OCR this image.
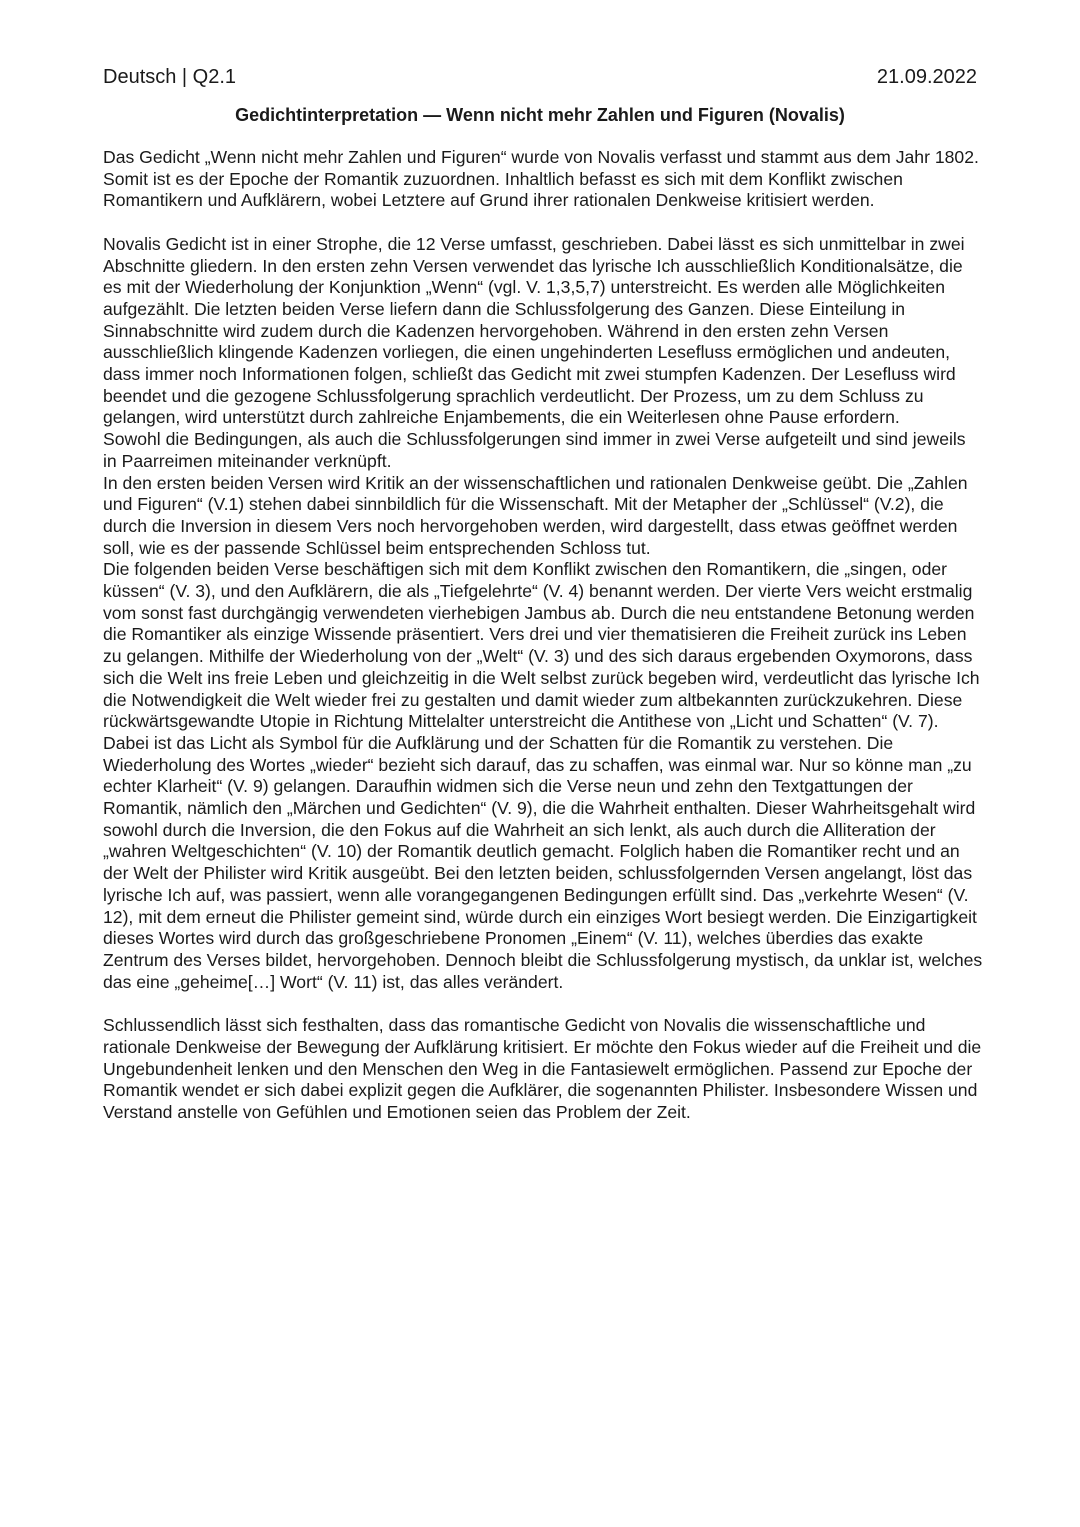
Deutsch | Q2.1	21.09.2022
Gedichtinterpretation — Wenn nicht mehr Zahlen und Figuren (Novalis)

Das Gedicht „Wenn nicht mehr Zahlen und Figuren“ wurde von Novalis verfasst und stammt aus dem Jahr 1802. Somit ist es der Epoche der Romantik zuzuordnen. Inhaltlich befasst es sich mit dem Konflikt zwischen Romantikern und Aufklärern, wobei Letztere auf Grund ihrer rationalen Denkweise kritisiert werden.

Novalis Gedicht ist in einer Strophe, die 12 Verse umfasst, geschrieben. Dabei lässt es sich unmittelbar in zwei Abschnitte gliedern. In den ersten zehn Versen verwendet das lyrische Ich ausschließlich Konditionalsätze, die es mit der Wiederholung der Konjunktion „Wenn“ (vgl. V. 1,3,5,7) unterstreicht. Es werden alle Möglichkeiten aufgezählt. Die letzten beiden Verse liefern dann die Schlussfolgerung des Ganzen. Diese Einteilung in Sinnabschnitte wird zudem durch die Kadenzen hervorgehoben. Während in den ersten zehn Versen ausschließlich klingende Kadenzen vorliegen, die einen ungehinderten Lesefluss ermöglichen und andeuten, dass immer noch Informationen folgen, schließt das Gedicht mit zwei stumpfen Kadenzen. Der Lesefluss wird beendet und die gezogene Schlussfolgerung sprachlich verdeutlicht. Der Prozess, um zu dem Schluss zu gelangen, wird unterstützt durch zahlreiche Enjambements, die ein Weiterlesen ohne Pause erfordern.

Sowohl die Bedingungen, als auch die Schlussfolgerungen sind immer in zwei Verse aufgeteilt und sind jeweils in Paarreimen miteinander verknüpft.

In den ersten beiden Versen wird Kritik an der wissenschaftlichen und rationalen Denkweise geübt. Die „Zahlen und Figuren“ (V.1) stehen dabei sinnbildlich für die Wissenschaft. Mit der Metapher der „Schlüssel“ (V.2), die durch die Inversion in diesem Vers noch hervorgehoben werden, wird dargestellt, dass etwas geöffnet werden soll, wie es der passende Schlüssel beim entsprechenden Schloss tut.

Die folgenden beiden Verse beschäftigen sich mit dem Konflikt zwischen den Romantikern, die „singen, oder küssen“ (V. 3), und den Aufklärern, die als „Tiefgelehrte“ (V. 4) benannt werden. Der vierte Vers weicht erstmalig vom sonst fast durchgängig verwendeten vierhebigen Jambus ab. Durch die neu entstandene Betonung werden die Romantiker als einzige Wissende präsentiert. Vers drei und vier thematisieren die Freiheit zurück ins Leben zu gelangen. Mithilfe der Wiederholung von der „Welt“ (V. 3) und des sich daraus ergebenden Oxymorons, dass sich die Welt ins freie Leben und gleichzeitig in die Welt selbst zurück begeben wird, verdeutlicht das lyrische Ich die Notwendigkeit die Welt wieder frei zu gestalten und damit wieder zum altbekannten zurückzukehren. Diese rückwärtsgewandte Utopie in Richtung Mittelalter unterstreicht die Antithese von „Licht und Schatten“ (V. 7). Dabei ist das Licht als Symbol für die Aufklärung und der Schatten für die Romantik zu verstehen. Die Wiederholung des Wortes „wieder“ bezieht sich darauf, das zu schaffen, was einmal war. Nur so könne man „zu echter Klarheit“ (V. 9) gelangen. Daraufhin widmen sich die Verse neun und zehn den Textgattungen der Romantik, nämlich den „Märchen und Gedichten“ (V. 9), die die Wahrheit enthalten. Dieser Wahrheitsgehalt wird sowohl durch die Inversion, die den Fokus auf die Wahrheit an sich lenkt, als auch durch die Alliteration der „wahren Weltgeschichten“ (V. 10) der Romantik deutlich gemacht. Folglich haben die Romantiker recht und an der Welt der Philister wird Kritik ausgeübt. Bei den letzten beiden, schlussfolgernden Versen angelangt, löst das lyrische Ich auf, was passiert, wenn alle vorangegangenen Bedingungen erfüllt sind. Das „verkehrte Wesen“ (V. 12), mit dem erneut die Philister gemeint sind, würde durch ein einziges Wort besiegt werden. Die Einzigartigkeit dieses Wortes wird durch das großgeschriebene Pronomen „Einem“ (V. 11), welches überdies das exakte Zentrum des Verses bildet, hervorgehoben. Dennoch bleibt die Schlussfolgerung mystisch, da unklar ist, welches das eine „geheime[…] Wort“ (V. 11) ist, das alles verändert.

Schlussendlich lässt sich festhalten, dass das romantische Gedicht von Novalis die wissenschaftliche und rationale Denkweise der Bewegung der Aufklärung kritisiert. Er möchte den Fokus wieder auf die Freiheit und die Ungebundenheit lenken und den Menschen den Weg in die Fantasiewelt ermöglichen. Passend zur Epoche der Romantik wendet er sich dabei explizit gegen die Aufklärer, die sogenannten Philister. Insbesondere Wissen und Verstand anstelle von Gefühlen und Emotionen seien das Problem der Zeit.
